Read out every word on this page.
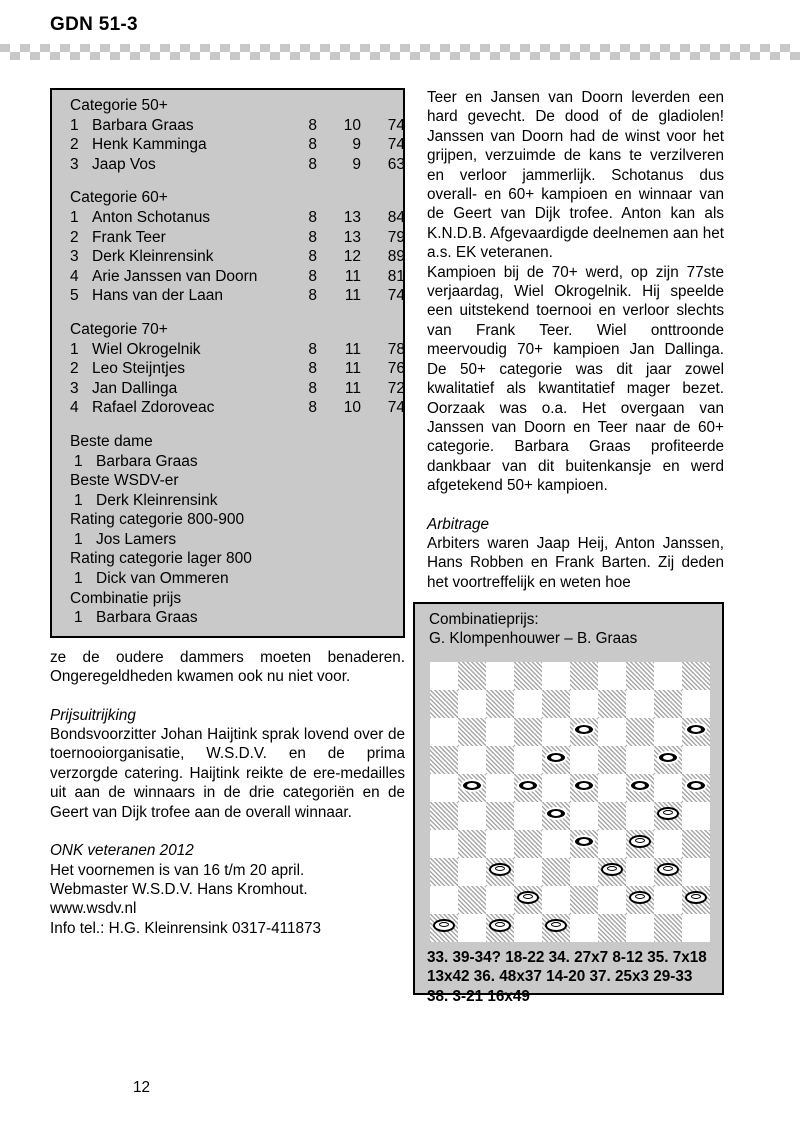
GDN 51-3
Categorie 50+
1 Barbara Graas	8 10	74
2 Henk Kamminga	8	9	74
3 Jaap Vos	8	9	63
Categorie 60+
1 Anton Schotanus	8 13	84
2 Frank Teer	8 13	79
3 Derk Kleinrensink	8 12	89
4 Arie Janssen van Doorn	8 11	81
5 Hans van der Laan	8 11	74
Categorie 70+
1 Wiel Okrogelnik	8 11	78
2 Leo Steijntjes	8 11	76
3 Jan Dallinga	8 11	72
4 Rafael Zdoroveac	8 10	74
Beste dame
1 Barbara Graas
Beste WSDV-er
1 Derk Kleinrensink
Rating categorie 800-900
1 Jos Lamers
Rating categorie lager 800
1 Dick van Ommeren
Combinatie prijs
1 Barbara Graas

ze de oudere dammers moeten benaderen. Ongeregeldheden kwamen ook nu niet voor.

Prijsuitrijking

Bondsvoorzitter Johan Haijtink sprak lovend over de toernooiorganisatie, W.S.D.V. en de prima verzorgde catering. Haijtink reikte de ere-medailles uit aan de winnaars in de drie categoriën en de Geert van Dijk trofee aan de overall winnaar.

ONK veteranen 2012

Het voornemen is van 16 t/m 20 april.

Webmaster W.S.D.V. Hans Kromhout.

www.wsdv.nl

Info tel.: H.G. Kleinrensink 0317-411873

Teer en Jansen van Doorn leverden een hard gevecht. De dood of de gladiolen! Janssen van Doorn had de winst voor het grijpen, verzuimde de kans te verzilveren en verloor jammerlijk. Schotanus dus overall- en 60+ kampioen en winnaar van de Geert van Dijk trofee. Anton kan als K.N.D.B. Afgevaardigde deelnemen aan het a.s. EK veteranen.

Kampioen bij de 70+ werd, op zijn 77ste verjaardag, Wiel Okrogelnik. Hij speelde een uitstekend toernooi en verloor slechts van Frank Teer. Wiel onttroonde meervoudig 70+ kampioen Jan Dallinga. De 50+ categorie was dit jaar zowel kwalitatief als kwantitatief mager bezet. Oorzaak was o.a. Het overgaan van Janssen van Doorn en Teer naar de 60+ categorie. Barbara Graas profiteerde dankbaar van dit buitenkansje en werd afgetekend 50+ kampioen.

Arbitrage

Arbiters waren Jaap Heij, Anton Janssen, Hans Robben en Frank Barten. Zij deden het voortreffelijk en weten hoe

Combinatieprijs:
G. Klompenhouwer – B. Graas
33. 39-34? 18-22 34. 27x7 8-12 35. 7x18 13x42 36. 48x37 14-20 37. 25x3 29-33 38. 3-21 16x49
12
